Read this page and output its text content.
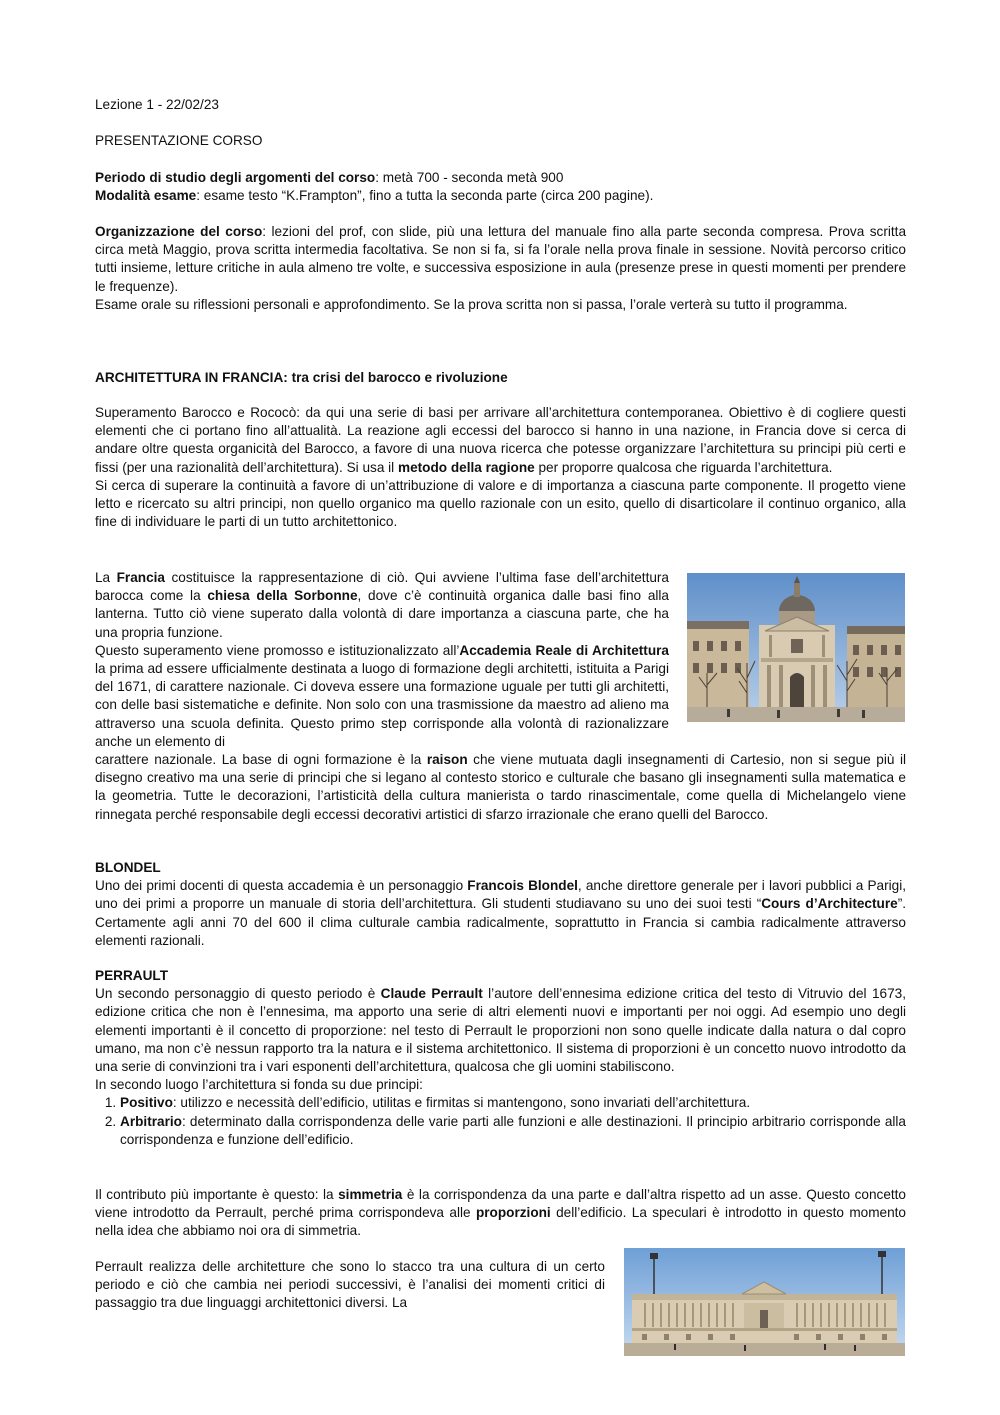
Lezione 1 - 22/02/23
PRESENTAZIONE CORSO

Periodo di studio degli argomenti del corso: metà 700 - seconda metà 900

Modalità esame: esame testo “K.Frampton”, fino a tutta la seconda parte (circa 200 pagine).

Organizzazione del corso: lezioni del prof, con slide, più una lettura del manuale fino alla parte seconda compresa. Prova scritta circa metà Maggio, prova scritta intermedia facoltativa. Se non si fa, si fa l’orale nella prova finale in sessione. Novità percorso critico tutti insieme, letture critiche in aula almeno tre volte, e successiva esposizione in aula (presenze prese in questi momenti per prendere le frequenze).

Esame orale su riflessioni personali e approfondimento. Se la prova scritta non si passa, l’orale verterà su tutto il programma.

ARCHITETTURA IN FRANCIA: tra crisi del barocco e rivoluzione

Superamento Barocco e Rococò: da qui una serie di basi per arrivare all’architettura contemporanea. Obiettivo è di cogliere questi elementi che ci portano fino all’attualità. La reazione agli eccessi del barocco si hanno in una nazione, in Francia dove si cerca di andare oltre questa organicità del Barocco, a favore di una nuova ricerca che potesse organizzare l’architettura su principi più certi e fissi (per una razionalità dell’architettura). Si usa il metodo della ragione per proporre qualcosa che riguarda l’architettura.

Si cerca di superare la continuità a favore di un’attribuzione di valore e di importanza a ciascuna parte componente. Il progetto viene letto e ricercato su altri principi, non quello organico ma quello razionale con un esito, quello di disarticolare il continuo organico, alla fine di individuare le parti di un tutto architettonico.

La Francia costituisce la rappresentazione di ciò. Qui avviene l’ultima fase dell’architettura barocca come la chiesa della Sorbonne, dove c’è continuità organica dalle basi fino alla lanterna. Tutto ciò viene superato dalla volontà di dare importanza a ciascuna parte, che ha una propria funzione.

Questo superamento viene promosso e istituzionalizzato all’Accademia Reale di Architettura la prima ad essere ufficialmente destinata a luogo di formazione degli architetti, istituita a Parigi del 1671, di carattere nazionale. Ci doveva essere una formazione uguale per tutti gli architetti, con delle basi sistematiche e definite. Non solo con una trasmissione da maestro ad alieno ma attraverso una scuola definita. Questo primo step corrisponde alla volontà di razionalizzare anche un elemento di

carattere nazionale. La base di ogni formazione è la raison che viene mutuata dagli insegnamenti di Cartesio, non si segue più il disegno creativo ma una serie di principi che si legano al contesto storico e culturale che basano gli insegnamenti sulla matematica e la geometria. Tutte le decorazioni, l’artisticità della cultura manierista o tardo rinascimentale, come quella di Michelangelo viene rinnegata perché responsabile degli eccessi decorativi artistici di sfarzo irrazionale che erano quelli del Barocco.

BLONDEL

Uno dei primi docenti di questa accademia è un personaggio Francois Blondel, anche direttore generale per i lavori pubblici a Parigi, uno dei primi a proporre un manuale di storia dell’architettura. Gli studenti studiavano su uno dei suoi testi “Cours d’Architecture”. Certamente agli anni 70 del 600 il clima culturale cambia radicalmente, soprattutto in Francia si cambia radicalmente attraverso elementi razionali.

PERRAULT

Un secondo personaggio di questo periodo è Claude Perrault l’autore dell’ennesima edizione critica del testo di Vitruvio del 1673, edizione critica che non è l’ennesima, ma apporto una serie di altri elementi nuovi e importanti per noi oggi. Ad esempio uno degli elementi importanti è il concetto di proporzione: nel testo di Perrault le proporzioni non sono quelle indicate dalla natura o dal copro umano, ma non c’è nessun rapporto tra la natura e il sistema architettonico. Il sistema di proporzioni è un concetto nuovo introdotto da una serie di convinzioni tra i vari esponenti dell’architettura, qualcosa che gli uomini stabiliscono.

In secondo luogo l’architettura si fonda su due principi:

1. Positivo: utilizzo e necessità dell’edificio, utilitas e firmitas si mantengono, sono invariati dell’architettura.
2. Arbitrario: determinato dalla corrispondenza delle varie parti alle funzioni e alle destinazioni. Il principio arbitrario corrisponde alla corrispondenza e funzione dell’edificio.

Il contributo più importante è questo: la simmetria è la corrispondenza da una parte e dall’altra rispetto ad un asse. Questo concetto viene introdotto da Perrault, perché prima corrispondeva alle proporzioni dell’edificio. La speculari è introdotto in questo momento nella idea che abbiamo noi ora di simmetria.

Perrault realizza delle architetture che sono lo stacco tra una cultura di un certo periodo e ciò che cambia nei periodi successivi, è l’analisi dei momenti critici di passaggio tra due linguaggi architettonici diversi. La
